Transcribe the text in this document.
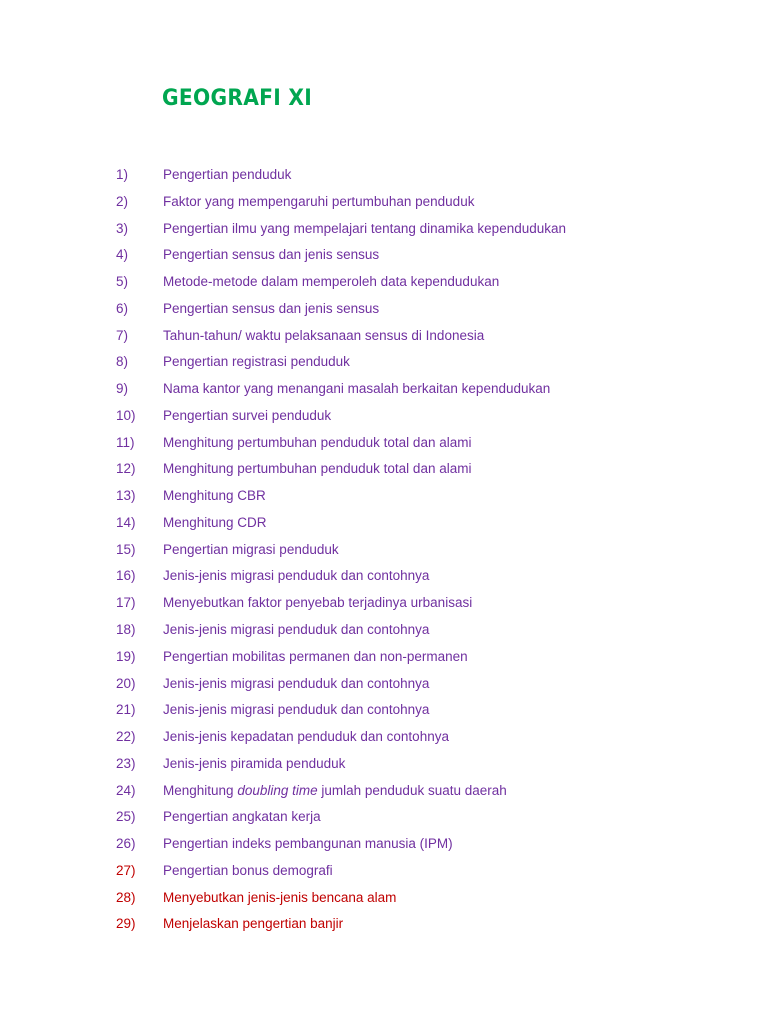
GEOGRAFI XI
1)	Pengertian penduduk
2)	Faktor yang mempengaruhi pertumbuhan penduduk
3)	Pengertian ilmu yang mempelajari tentang dinamika kependudukan
4)	Pengertian sensus dan jenis sensus
5)	Metode-metode dalam memperoleh data kependudukan
6)	Pengertian sensus dan jenis sensus
7)	Tahun-tahun/ waktu pelaksanaan sensus di Indonesia
8)	Pengertian registrasi penduduk
9)	Nama kantor yang menangani masalah berkaitan kependudukan
10) Pengertian survei penduduk
11) Menghitung pertumbuhan penduduk total dan alami
12) Menghitung pertumbuhan penduduk total dan alami
13) Menghitung CBR
14) Menghitung CDR
15) Pengertian migrasi penduduk
16) Jenis-jenis migrasi penduduk dan contohnya
17) Menyebutkan faktor penyebab terjadinya urbanisasi
18) Jenis-jenis migrasi penduduk dan contohnya
19) Pengertian mobilitas permanen dan non-permanen
20) Jenis-jenis migrasi penduduk dan contohnya
21) Jenis-jenis migrasi penduduk dan contohnya
22) Jenis-jenis kepadatan penduduk dan contohnya
23) Jenis-jenis piramida penduduk
24) Menghitung doubling time jumlah penduduk suatu daerah
25) Pengertian angkatan kerja
26) Pengertian indeks pembangunan manusia (IPM)
27) Pengertian bonus demografi
28) Menyebutkan jenis-jenis bencana alam
29) Menjelaskan pengertian banjir
